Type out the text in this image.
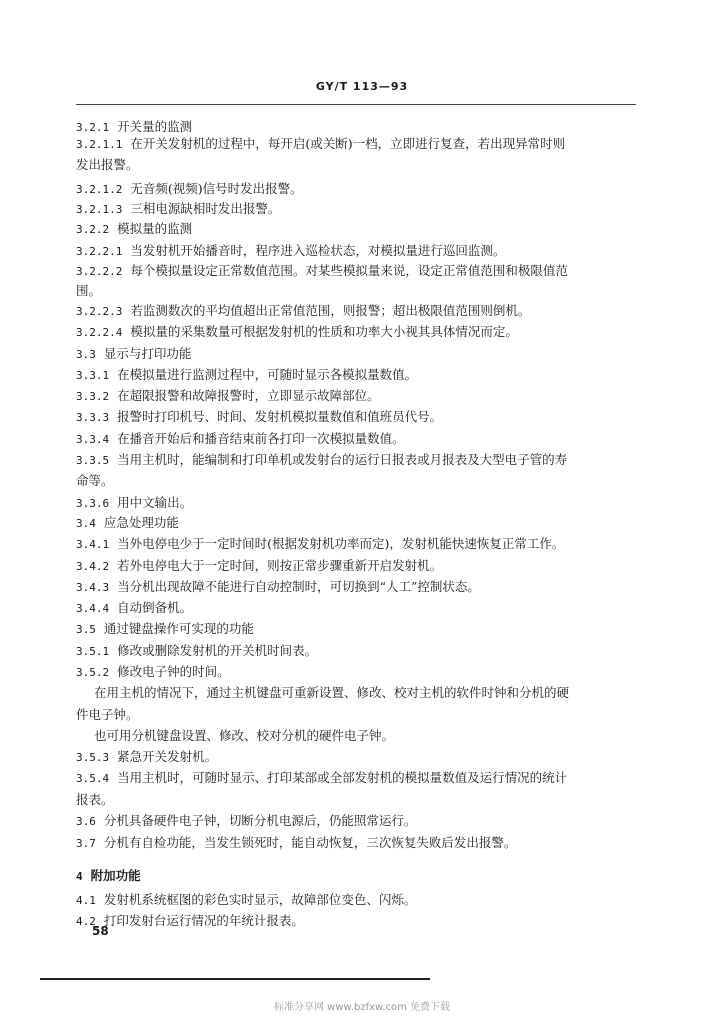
GY/T 113—93
3.2.1 开关量的监测
3.2.1.1 在开关发射机的过程中，每开启(或关断)一档，立即进行复查，若出现异常时则
发出报警。
3.2.1.2 无音频(视频)信号时发出报警。
3.2.1.3 三相电源缺相时发出报警。
3.2.2 模拟量的监测
3.2.2.1 当发射机开始播音时，程序进入巡检状态，对模拟量进行巡回监测。
3.2.2.2 每个模拟量设定正常数值范围。对某些模拟量来说，设定正常值范围和极限值范
围。
3.2.2.3 若监测数次的平均值超出正常值范围，则报警；超出极限值范围则倒机。
3.2.2.4 模拟量的采集数量可根据发射机的性质和功率大小视其具体情况而定。
3.3 显示与打印功能
3.3.1 在模拟量进行监测过程中，可随时显示各模拟量数值。
3.3.2 在超限报警和故障报警时，立即显示故障部位。
3.3.3 报警时打印机号、时间、发射机模拟量数值和值班员代号。
3.3.4 在播音开始后和播音结束前各打印一次模拟量数值。
3.3.5 当用主机时，能编制和打印单机或发射台的运行日报表或月报表及大型电子管的寿
命等。
3.3.6 用中文输出。
3.4 应急处理功能
3.4.1 当外电停电少于一定时间时(根据发射机功率而定)，发射机能快速恢复正常工作。
3.4.2 若外电停电大于一定时间，则按正常步骤重新开启发射机。
3.4.3 当分机出现故障不能进行自动控制时，可切换到“人工”控制状态。
3.4.4 自动倒备机。
3.5 通过键盘操作可实现的功能
3.5.1 修改或删除发射机的开关机时间表。
3.5.2 修改电子钟的时间。
在用主机的情况下，通过主机键盘可重新设置、修改、校对主机的软件时钟和分机的硬
件电子钟。
也可用分机键盘设置、修改、校对分机的硬件电子钟。
3.5.3 紧急开关发射机。
3.5.4 当用主机时，可随时显示、打印某部或全部发射机的模拟量数值及运行情况的统计
报表。
3.6 分机具备硬件电子钟，切断分机电源后，仍能照常运行。
3.7 分机有自检功能，当发生锁死时，能自动恢复，三次恢复失败后发出报警。
4 附加功能
4.1 发射机系统框图的彩色实时显示，故障部位变色、闪烁。
4.2 打印发射台运行情况的年统计报表。
58
标准分享网 www.bzfxw.com 免费下载
